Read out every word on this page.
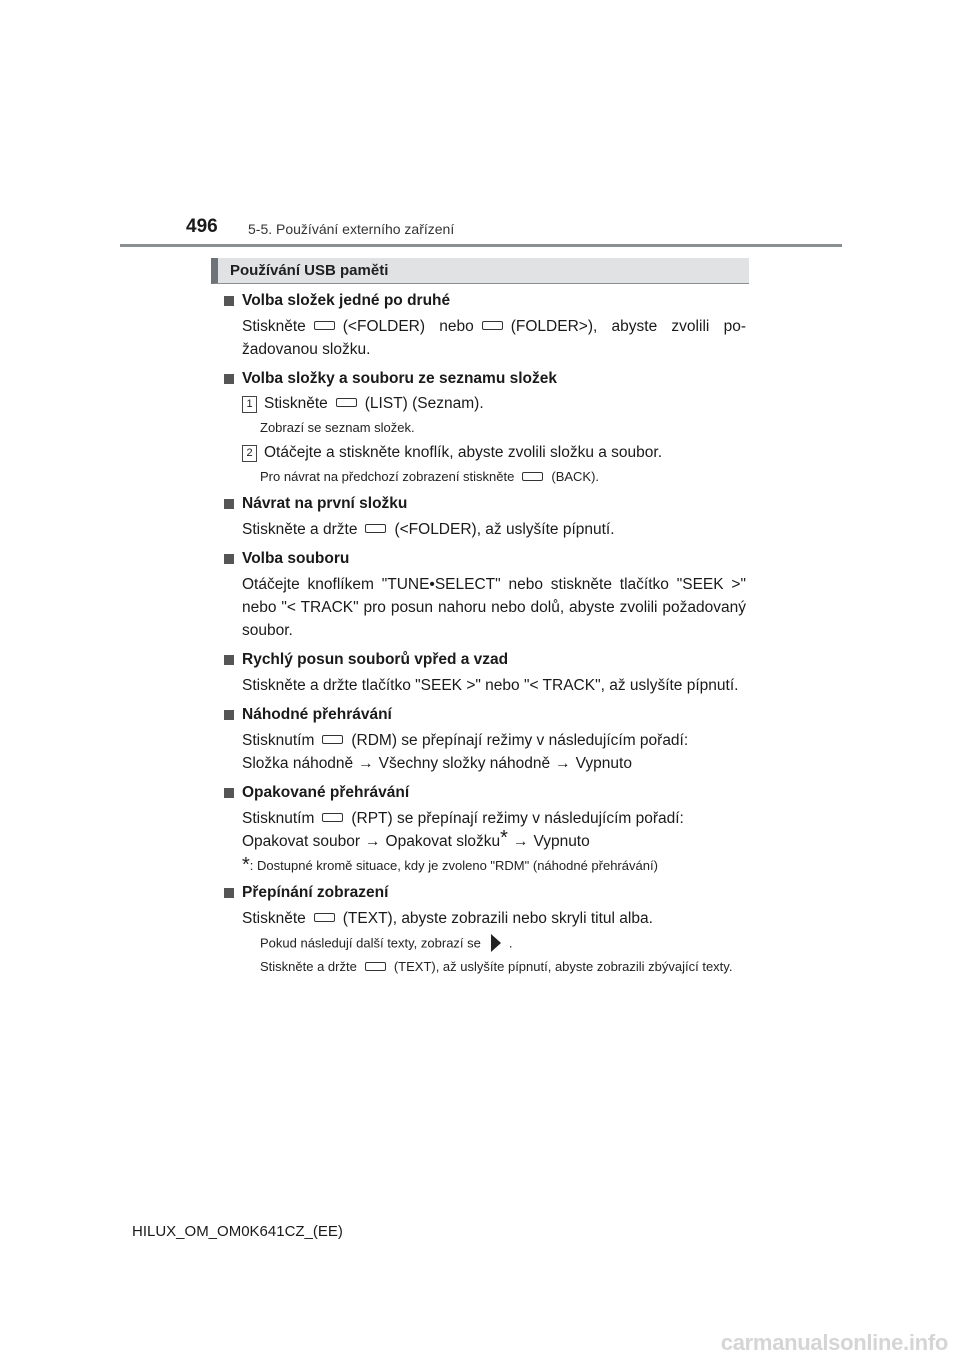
496 5-5. Používání externího zařízení
Používání USB paměti
Volba složek jedné po druhé
Stiskněte (<FOLDER) nebo (FOLDER>), abyste zvolili požadovanou složku.
Volba složky a souboru ze seznamu složek
1 Stiskněte (LIST) (Seznam).
Zobrazí se seznam složek.
2 Otáčejte a stiskněte knoflík, abyste zvolili složku a soubor.
Pro návrat na předchozí zobrazení stiskněte	(BACK).
Návrat na první složku
Stiskněte a držte (<FOLDER), až uslyšíte pípnutí.
Volba souboru
Otáčejte knoflíkem "TUNE•SELECT" nebo stiskněte tlačítko "SEEK >" nebo "< TRACK" pro posun nahoru nebo dolů, abyste zvolili požadovaný soubor.
Rychlý posun souborů vpřed a vzad
Stiskněte a držte tlačítko "SEEK >" nebo "< TRACK", až uslyšíte pípnutí.
Náhodné přehrávání
Stisknutím (RDM) se přepínají režimy v následujícím pořadí:
Složka náhodně → Všechny složky náhodně → Vypnuto
Opakované přehrávání
Stisknutím (RPT) se přepínají režimy v následujícím pořadí:
Opakovat soubor → Opakovat složku* → Vypnuto
*: Dostupné kromě situace, kdy je zvoleno "RDM" (náhodné přehrávání)
Přepínání zobrazení
Stiskněte (TEXT), abyste zobrazili nebo skryli titul alba.
Pokud následují další texty, zobrazí se .
Stiskněte a držte	(TEXT), až uslyšíte pípnutí, abyste zobrazili zbývající texty.
HILUX_OM_OM0K641CZ_(EE)
carmanualsonline.info
